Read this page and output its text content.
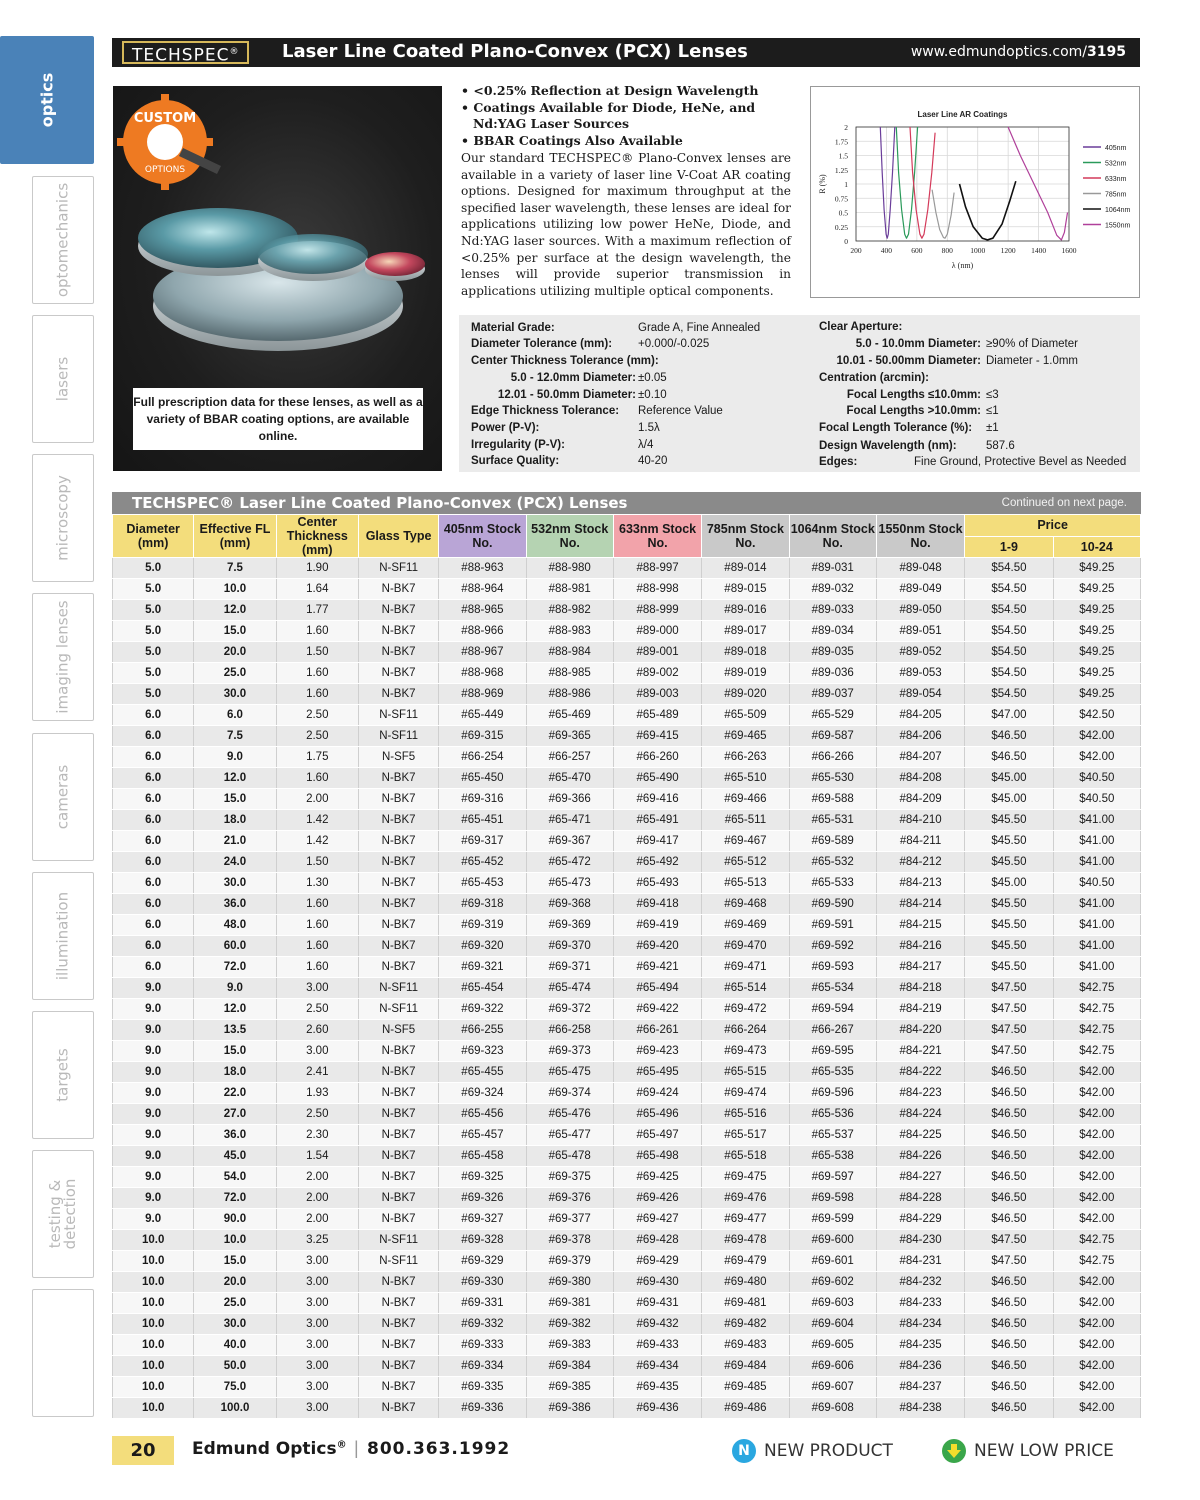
optics
optomechanics
lasers
microscopy
imaging lenses
cameras
illumination
targets
testing &
detection
TECHSPEC®	Laser Line Coated Plano-Convex (PCX) Lenses	www.edmundoptics.com/3195
CUSTOM
OPTIONS
Full prescription data for these lenses, as well as a variety of BBAR coating options, are available online.
• <0.25% Reflection at Design Wavelength
• Coatings Available for Diode, HeNe, and Nd:YAG Laser Sources
• BBAR Coatings Also Available
Our standard TECHSPEC® Plano-Convex lenses are available in a variety of laser line V-Coat AR coating options. Designed for maximum throughput at the specified laser wavelength, these lenses are ideal for applications utilizing low power HeNe, Diode, and Nd:YAG laser sources. With a maximum reflection of <0.25% per surface at the design wavelength, the lenses will provide superior transmission in applications utilizing multiple optical components.
200	400	600	800 1000 1200 1400 1600
0
0.25
0.5
0.75
1
1.25
1.5
1.75
2
Laser Line AR Coatings
λ (nm)
R (%)
405nm
532nm
633nm
785nm
1064nm
1550nm
Material Grade:	Grade A, Fine Annealed
Diameter Tolerance (mm): +0.000/-0.025
Center Thickness Tolerance (mm):
5.0 - 12.0mm Diameter: ±0.05
12.01 - 50.0mm Diameter: ±0.10
Edge Thickness Tolerance: Reference Value
Power (P-V):	1.5λ
Irregularity (P-V):	λ/4
Surface Quality:	40-20
Clear Aperture:
5.0 - 10.0mm Diameter: ≥90% of Diameter
10.01 - 50.00mm Diameter: Diameter - 1.0mm
Centration (arcmin):
Focal Lengths ≤10.0mm: ≤3
Focal Lengths >10.0mm: ≤1
Focal Length Tolerance (%): ±1
Design Wavelength (nm):	587.6
Edges:	Fine Ground, Protective Bevel as Needed
TECHSPEC® Laser Line Coated Plano-Convex (PCX) Lenses	Continued on next page.
Diameter (mm)	Effective FL (mm)	Center Thickness (mm)	Glass Type	405nm Stock No.	532nm Stock No.	633nm Stock No.	785nm Stock No.	1064nm Stock No.	1550nm Stock No.	Price	
										1-9	10-24
5.0	7.5	1.90	N-SF11	#88-963	#88-980	#88-997	#89-014	#89-031	#89-048	$54.50	$49.25
5.0	10.0	1.64	N-BK7	#88-964	#88-981	#88-998	#89-015	#89-032	#89-049	$54.50	$49.25
5.0	12.0	1.77	N-BK7	#88-965	#88-982	#88-999	#89-016	#89-033	#89-050	$54.50	$49.25
5.0	15.0	1.60	N-BK7	#88-966	#88-983	#89-000	#89-017	#89-034	#89-051	$54.50	$49.25
5.0	20.0	1.50	N-BK7	#88-967	#88-984	#89-001	#89-018	#89-035	#89-052	$54.50	$49.25
5.0	25.0	1.60	N-BK7	#88-968	#88-985	#89-002	#89-019	#89-036	#89-053	$54.50	$49.25
5.0	30.0	1.60	N-BK7	#88-969	#88-986	#89-003	#89-020	#89-037	#89-054	$54.50	$49.25
6.0	6.0	2.50	N-SF11	#65-449	#65-469	#65-489	#65-509	#65-529	#84-205	$47.00	$42.50
6.0	7.5	2.50	N-SF11	#69-315	#69-365	#69-415	#69-465	#69-587	#84-206	$46.50	$42.00
6.0	9.0	1.75	N-SF5	#66-254	#66-257	#66-260	#66-263	#66-266	#84-207	$46.50	$42.00
6.0	12.0	1.60	N-BK7	#65-450	#65-470	#65-490	#65-510	#65-530	#84-208	$45.00	$40.50
6.0	15.0	2.00	N-BK7	#69-316	#69-366	#69-416	#69-466	#69-588	#84-209	$45.00	$40.50
6.0	18.0	1.42	N-BK7	#65-451	#65-471	#65-491	#65-511	#65-531	#84-210	$45.50	$41.00
6.0	21.0	1.42	N-BK7	#69-317	#69-367	#69-417	#69-467	#69-589	#84-211	$45.50	$41.00
6.0	24.0	1.50	N-BK7	#65-452	#65-472	#65-492	#65-512	#65-532	#84-212	$45.50	$41.00
6.0	30.0	1.30	N-BK7	#65-453	#65-473	#65-493	#65-513	#65-533	#84-213	$45.00	$40.50
6.0	36.0	1.60	N-BK7	#69-318	#69-368	#69-418	#69-468	#69-590	#84-214	$45.50	$41.00
6.0	48.0	1.60	N-BK7	#69-319	#69-369	#69-419	#69-469	#69-591	#84-215	$45.50	$41.00
6.0	60.0	1.60	N-BK7	#69-320	#69-370	#69-420	#69-470	#69-592	#84-216	$45.50	$41.00
6.0	72.0	1.60	N-BK7	#69-321	#69-371	#69-421	#69-471	#69-593	#84-217	$45.50	$41.00
9.0	9.0	3.00	N-SF11	#65-454	#65-474	#65-494	#65-514	#65-534	#84-218	$47.50	$42.75
9.0	12.0	2.50	N-SF11	#69-322	#69-372	#69-422	#69-472	#69-594	#84-219	$47.50	$42.75
9.0	13.5	2.60	N-SF5	#66-255	#66-258	#66-261	#66-264	#66-267	#84-220	$47.50	$42.75
9.0	15.0	3.00	N-BK7	#69-323	#69-373	#69-423	#69-473	#69-595	#84-221	$47.50	$42.75
9.0	18.0	2.41	N-BK7	#65-455	#65-475	#65-495	#65-515	#65-535	#84-222	$46.50	$42.00
9.0	22.0	1.93	N-BK7	#69-324	#69-374	#69-424	#69-474	#69-596	#84-223	$46.50	$42.00
9.0	27.0	2.50	N-BK7	#65-456	#65-476	#65-496	#65-516	#65-536	#84-224	$46.50	$42.00
9.0	36.0	2.30	N-BK7	#65-457	#65-477	#65-497	#65-517	#65-537	#84-225	$46.50	$42.00
9.0	45.0	1.54	N-BK7	#65-458	#65-478	#65-498	#65-518	#65-538	#84-226	$46.50	$42.00
9.0	54.0	2.00	N-BK7	#69-325	#69-375	#69-425	#69-475	#69-597	#84-227	$46.50	$42.00
9.0	72.0	2.00	N-BK7	#69-326	#69-376	#69-426	#69-476	#69-598	#84-228	$46.50	$42.00
9.0	90.0	2.00	N-BK7	#69-327	#69-377	#69-427	#69-477	#69-599	#84-229	$46.50	$42.00
10.0	10.0	3.25	N-SF11	#69-328	#69-378	#69-428	#69-478	#69-600	#84-230	$47.50	$42.75
10.0	15.0	3.00	N-SF11	#69-329	#69-379	#69-429	#69-479	#69-601	#84-231	$47.50	$42.75
10.0	20.0	3.00	N-BK7	#69-330	#69-380	#69-430	#69-480	#69-602	#84-232	$46.50	$42.00
10.0	25.0	3.00	N-BK7	#69-331	#69-381	#69-431	#69-481	#69-603	#84-233	$46.50	$42.00
10.0	30.0	3.00	N-BK7	#69-332	#69-382	#69-432	#69-482	#69-604	#84-234	$46.50	$42.00
10.0	40.0	3.00	N-BK7	#69-333	#69-383	#69-433	#69-483	#69-605	#84-235	$46.50	$42.00
10.0	50.0	3.00	N-BK7	#69-334	#69-384	#69-434	#69-484	#69-606	#84-236	$46.50	$42.00
10.0	75.0	3.00	N-BK7	#69-335	#69-385	#69-435	#69-485	#69-607	#84-237	$46.50	$42.00
10.0	100.0	3.00	N-BK7	#69-336	#69-386	#69-436	#69-486	#69-608	#84-238	$46.50	$42.00
20	Edmund Optics® | 800.363.1992	N NEW PRODUCT	NEW LOW PRICE
